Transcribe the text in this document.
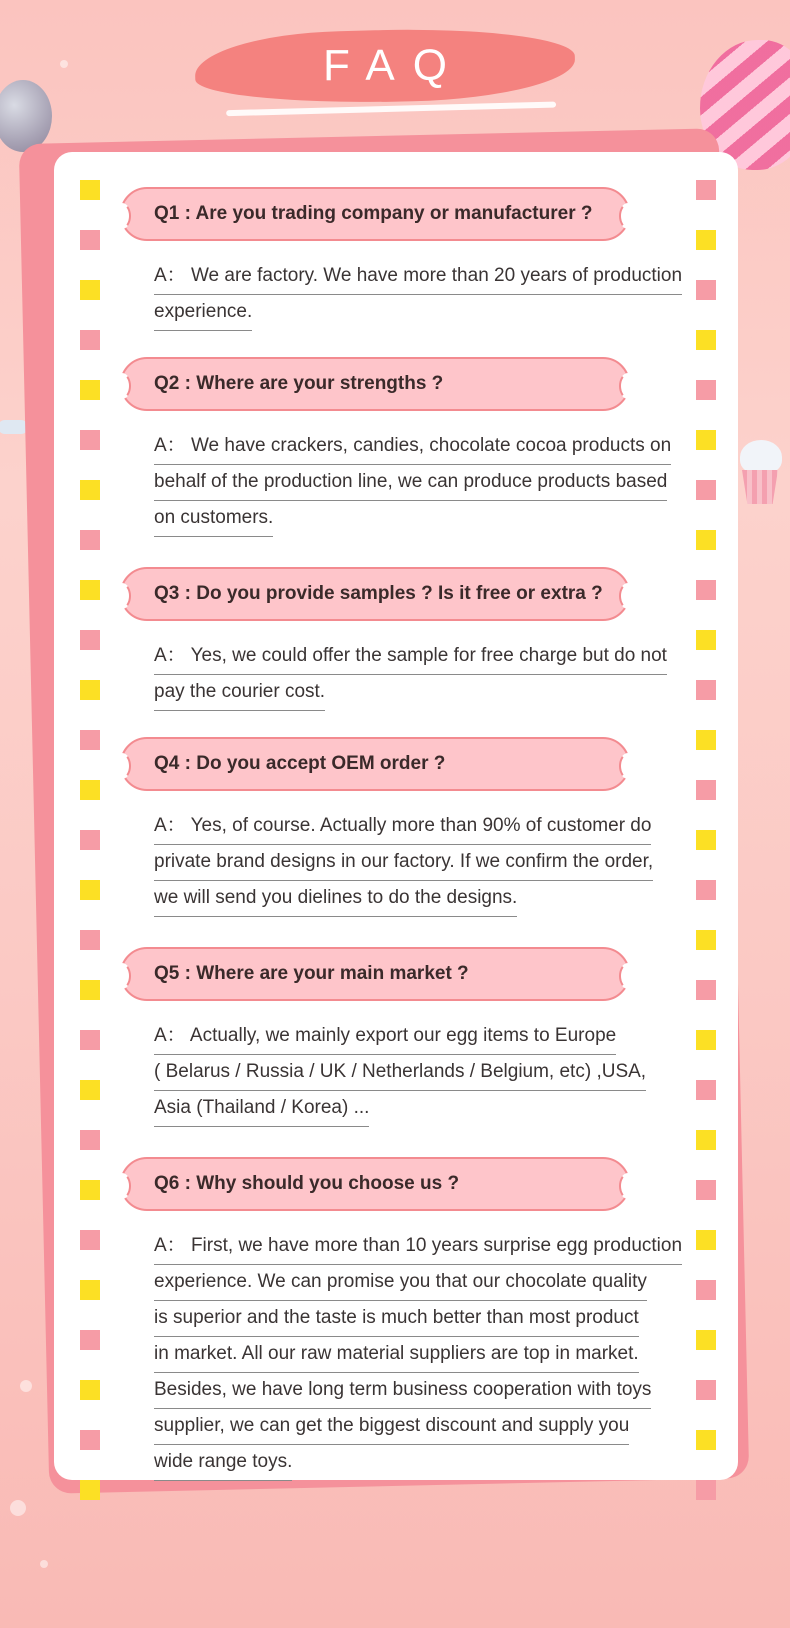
FAQ
Q1 : Are you trading company or manufacturer ?
A： We are factory. We have more than 20 years of production
experience.
Q2 : Where are your strengths ?
A： We have crackers, candies, chocolate cocoa products on
behalf of the production line, we can produce products based
on customers.
Q3 : Do you provide samples ? Is it free or extra ?
A： Yes, we could offer the sample for free charge but do not
pay the courier cost.
Q4 : Do you accept OEM order ?
A： Yes, of course. Actually more than 90% of customer do
private brand designs in our factory. If we confirm the order,
we will send you dielines to do the designs.
Q5 : Where are your main market ?
A： Actually, we mainly export our egg items to Europe
( Belarus / Russia / UK / Netherlands / Belgium, etc) ,USA,
Asia (Thailand / Korea) ...
Q6 : Why should you choose us ?
A： First, we have more than 10 years surprise egg production
experience. We can promise you that our chocolate quality
is superior and the taste is much better than most product
in market. All our raw material suppliers are top in market.
Besides, we have long term business cooperation with toys
supplier, we can get the biggest discount and supply you
wide range toys.
